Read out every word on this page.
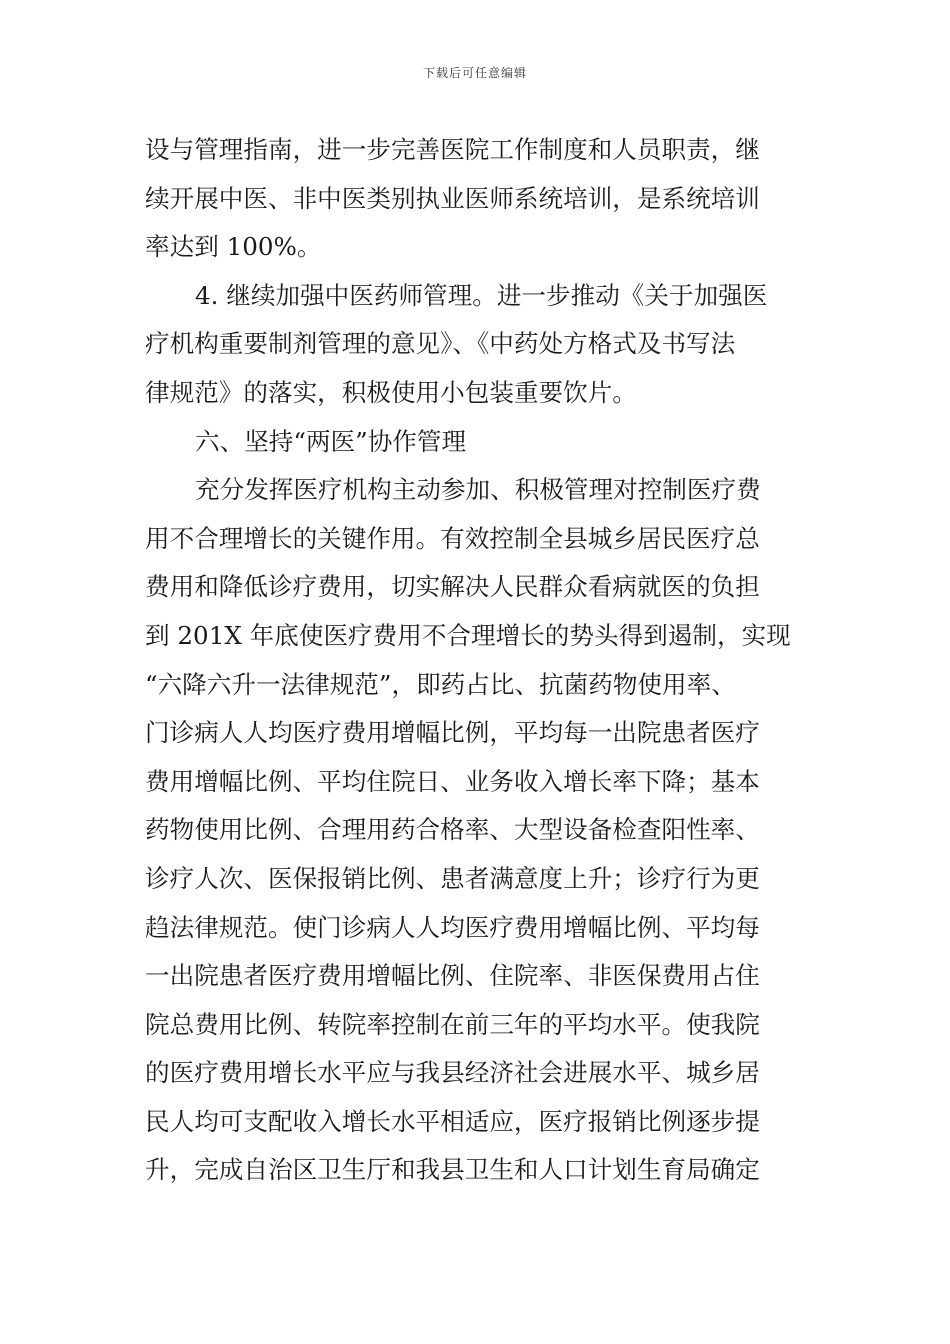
下载后可任意编辑
设与管理指南，进一步完善医院工作制度和人员职责，继
续开展中医、非中医类别执业医师系统培训，是系统培训
率达到 100%。
4. 继续加强中医药师管理。进一步推动《关于加强医
疗机构重要制剂管理的意见》、《中药处方格式及书写法
律规范》的落实，积极使用小包装重要饮片。
六、坚持“两医”协作管理
充分发挥医疗机构主动参加、积极管理对控制医疗费
用不合理增长的关键作用。有效控制全县城乡居民医疗总
费用和降低诊疗费用，切实解决人民群众看病就医的负担
到 201X 年底使医疗费用不合理增长的势头得到遏制，实现
“六降六升一法律规范”，即药占比、抗菌药物使用率、
门诊病人人均医疗费用增幅比例，平均每一出院患者医疗
费用增幅比例、平均住院日、业务收入增长率下降；基本
药物使用比例、合理用药合格率、大型设备检查阳性率、
诊疗人次、医保报销比例、患者满意度上升；诊疗行为更
趋法律规范。使门诊病人人均医疗费用增幅比例、平均每
一出院患者医疗费用增幅比例、住院率、非医保费用占住
院总费用比例、转院率控制在前三年的平均水平。使我院
的医疗费用增长水平应与我县经济社会进展水平、城乡居
民人均可支配收入增长水平相适应，医疗报销比例逐步提
升，完成自治区卫生厅和我县卫生和人口计划生育局确定
